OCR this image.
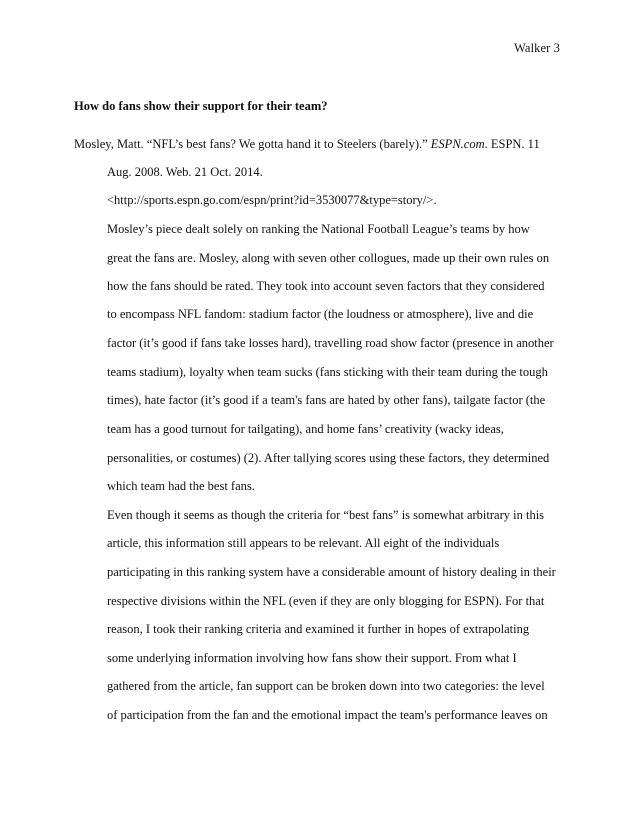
Walker 3
How do fans show their support for their team?
Mosley, Matt. “NFL’s best fans? We gotta hand it to Steelers (barely).” ESPN.com. ESPN. 11
Aug. 2008. Web. 21 Oct. 2014.
<http://sports.espn.go.com/espn/print?id=3530077&type=story/>.
Mosley’s piece dealt solely on ranking the National Football League’s teams by how
great the fans are. Mosley, along with seven other collogues, made up their own rules on
how the fans should be rated. They took into account seven factors that they considered
to encompass NFL fandom: stadium factor (the loudness or atmosphere), live and die
factor (it’s good if fans take losses hard), travelling road show factor (presence in another
teams stadium), loyalty when team sucks (fans sticking with their team during the tough
times), hate factor (it’s good if a team's fans are hated by other fans), tailgate factor (the
team has a good turnout for tailgating), and home fans’ creativity (wacky ideas,
personalities, or costumes) (2). After tallying scores using these factors, they determined
which team had the best fans.
Even though it seems as though the criteria for “best fans” is somewhat arbitrary in this
article, this information still appears to be relevant. All eight of the individuals
participating in this ranking system have a considerable amount of history dealing in their
respective divisions within the NFL (even if they are only blogging for ESPN). For that
reason, I took their ranking criteria and examined it further in hopes of extrapolating
some underlying information involving how fans show their support. From what I
gathered from the article, fan support can be broken down into two categories: the level
of participation from the fan and the emotional impact the team's performance leaves on
